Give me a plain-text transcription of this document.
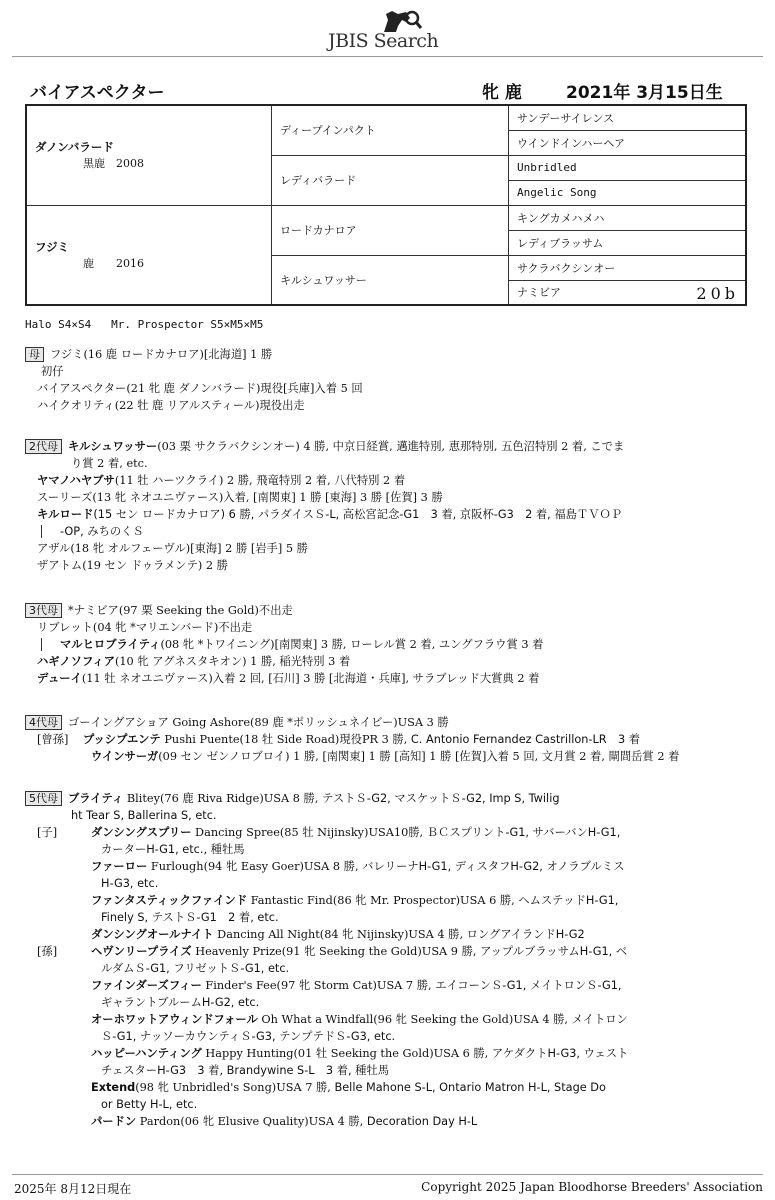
JBIS Search
バイアスペクター	牝 鹿	2021年 3月15日生
ダノンバラード
黒鹿　2008	ディープインパクト	サンデーサイレンス
		ウインドインハーヘア
	レディバラード	Unbridled
		Angelic Song

フジミ
鹿　　2016	ロードカナロア	キングカメハメハ
		レディブラッサム
	キルシュワッサー	サクラバクシンオー
		ナミビア 20b
Halo S4×S4   Mr. Prospector S5×M5×M5
母 フジミ(16 鹿 ロードカナロア)[北海道] 1 勝
初仔
バイアスペクター(21 牝 鹿 ダノンバラード)現役[兵庫]入着 5 回
ハイクオリティ(22 牡 鹿 リアルスティール)現役出走
2代母 キルシュワッサー(03 栗 サクラバクシンオー) 4 勝, 中京日経賞, 邁進特別, 恵那特別, 五色沼特別 2 着, こでま
り賞 2 着, etc.
ヤマノハヤブサ(11 牡 ハーツクライ) 2 勝, 飛竜特別 2 着, 八代特別 2 着
スーリーズ(13 牝 ネオユニヴァース)入着, [南関東] 1 勝 [東海] 3 勝 [佐賀] 3 勝
キルロード(15 セン ロードカナロア) 6 勝, パラダイスＳ-L, 高松宮記念-G1　3 着, 京阪杯-G3　2 着, 福島ＴＶＯＰ
-OP, みちのくＳ
アザル(18 牝 オルフェーヴル)[東海] 2 勝 [岩手] 5 勝
ザアトム(19 セン ドゥラメンテ) 2 勝
3代母 *ナミビア(97 栗 Seeking the Gold)不出走
リブレット(04 牝 *マリエンバード)不出走
マルヒロブライティ(08 牝 *トワイニング)[南関東] 3 勝, ローレル賞 2 着, ユングフラウ賞 3 着
ハギノソフィア(10 牝 アグネスタキオン) 1 勝, 稲光特別 3 着
デューイ(11 牡 ネオユニヴァース)入着 2 回, [石川] 3 勝 [北海道・兵庫], サラブレッド大賞典 2 着
4代母 ゴーイングアショア Going Ashore(89 鹿 *ポリッシュネイビー)USA 3 勝
[曾孫] プッシプエンテ Pushi Puente(18 牡 Side Road)現役PR 3 勝, C. Antonio Fernandez Castrillon-LR　3 着
ウインサーガ(09 セン ゼンノロブロイ) 1 勝, [南関東] 1 勝 [高知] 1 勝 [佐賀]入着 5 回, 文月賞 2 着, 閘間岳賞 2 着
5代母 ブライティ Blitey(76 鹿 Riva Ridge)USA 8 勝, テストＳ-G2, マスケットＳ-G2, Imp S, Twilig
ht Tear S, Ballerina S, etc.
[子]	ダンシングスプリー Dancing Spree(85 牡 Nijinsky)USA10勝, ＢＣスプリント-G1, サバーバンH-G1,
カーターH-G1, etc., 種牡馬
ファーロー Furlough(94 牝 Easy Goer)USA 8 勝, バレリーナH-G1, ディスタフH-G2, オノラブルミス
H-G3, etc.
ファンタスティックファインド Fantastic Find(86 牝 Mr. Prospector)USA 6 勝, ヘムステッドH-G1,
Finely S, テストＳ-G1　2 着, etc.
ダンシングオールナイト Dancing All Night(84 牝 Nijinsky)USA 4 勝, ロングアイランドH-G2
[孫]	ヘヴンリープライズ Heavenly Prize(91 牝 Seeking the Gold)USA 9 勝, アップルブラッサムH-G1, ベ
ルダムＳ-G1, フリゼットＳ-G1, etc.
ファインダーズフィー Finder's Fee(97 牝 Storm Cat)USA 7 勝, エイコーンＳ-G1, メイトロンＳ-G1,
ギャラントブルームH-G2, etc.
オーホワットアウィンドフォール Oh What a Windfall(96 牝 Seeking the Gold)USA 4 勝, メイトロン
Ｓ-G1, ナッソーカウンティＳ-G3, テンプテドＳ-G3, etc.
ハッピーハンティング Happy Hunting(01 牡 Seeking the Gold)USA 6 勝, アケダクトH-G3, ウェスト
チェスターH-G3　3 着, Brandywine S-L　3 着, 種牡馬
Extend(98 牝 Unbridled's Song)USA 7 勝, Belle Mahone S-L, Ontario Matron H-L, Stage Do
or Betty H-L, etc.
パードン Pardon(06 牝 Elusive Quality)USA 4 勝, Decoration Day H-L
2025年 8月12日現在	Copyright 2025 Japan Bloodhorse Breeders' Association
